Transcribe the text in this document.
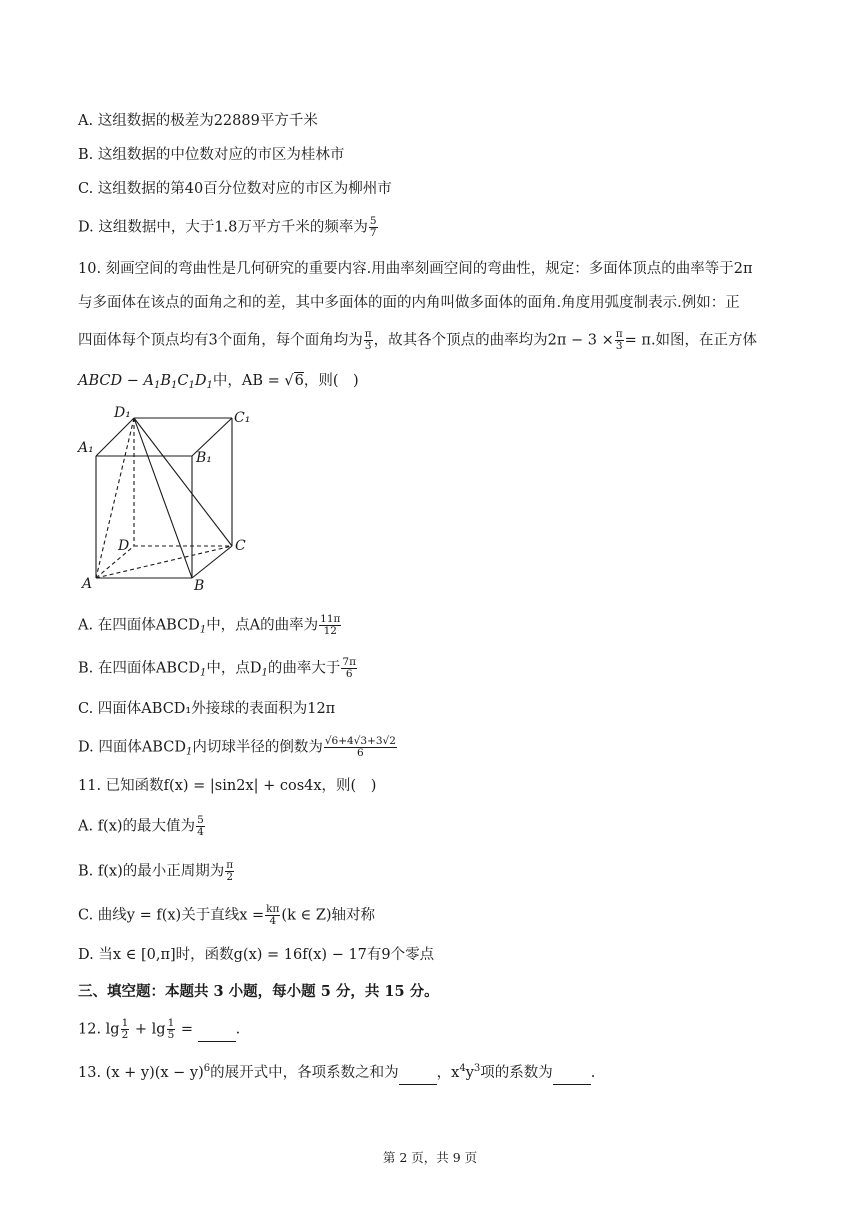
A. 这组数据的极差为22889平方千米
B. 这组数据的中位数对应的市区为桂林市
C. 这组数据的第40百分位数对应的市区为柳州市
D. 这组数据中，大于1.8万平方千米的频率为 $\frac{5}{7}$
10. 刻画空间的弯曲性是几何研究的重要内容.用曲率刻画空间的弯曲性，规定：多面体顶点的曲率等于2π
与多面体在该点的面角之和的差，其中多面体的面的内角叫做多面体的面角.角度用弧度制表示.例如：正
四面体每个顶点均有3个面角，每个面角均为 $\frac{\pi}{3}$ ，故其各个顶点的曲率均为$2\pi - 3 \times \frac{\pi}{3} = \pi$.如图，在正方体
ABCD − $A_1B_1C_1D_1$中，AB = √6，则(　)
D₁	C₁
A₁
B₁
D	C
A	B
A. 在四面体$ABCD_1$中，点A的曲率为 $\frac{11\pi}{12}$
B. 在四面体$ABCD_1$中，点$D_1$的曲率大于 $\frac{7\pi}{6}$
C. 四面体ABCD₁外接球的表面积为12π
D. 四面体$ABCD_1$内切球半径的倒数为 $\frac{√6+4√3+3√2}{6}$
11. 已知函数f(x) = |sin2x| + cos4x，则(　)
A. f(x)的最大值为 $\frac{5}{4}$
B. f(x)的最小正周期为 $\frac{\pi}{2}$
C. 曲线y = f(x)关于直线$x = \frac{k\pi}{4} (k$ ∈ Z)轴对称
D. 当x ∈ [0,π]时，函数g(x) = 16f(x) − 17有9个零点
三、填空题：本题共 3 小题，每小题 5 分，共 15 分。
12. $\lg \frac{1}{2} + \lg \frac{1}{5}$ =	.
13. $(x + y)(x - y)^6$的展开式中，各项系数之和为	，$x^4y^3$项的系数为	.
第 2 页，共 9 页
